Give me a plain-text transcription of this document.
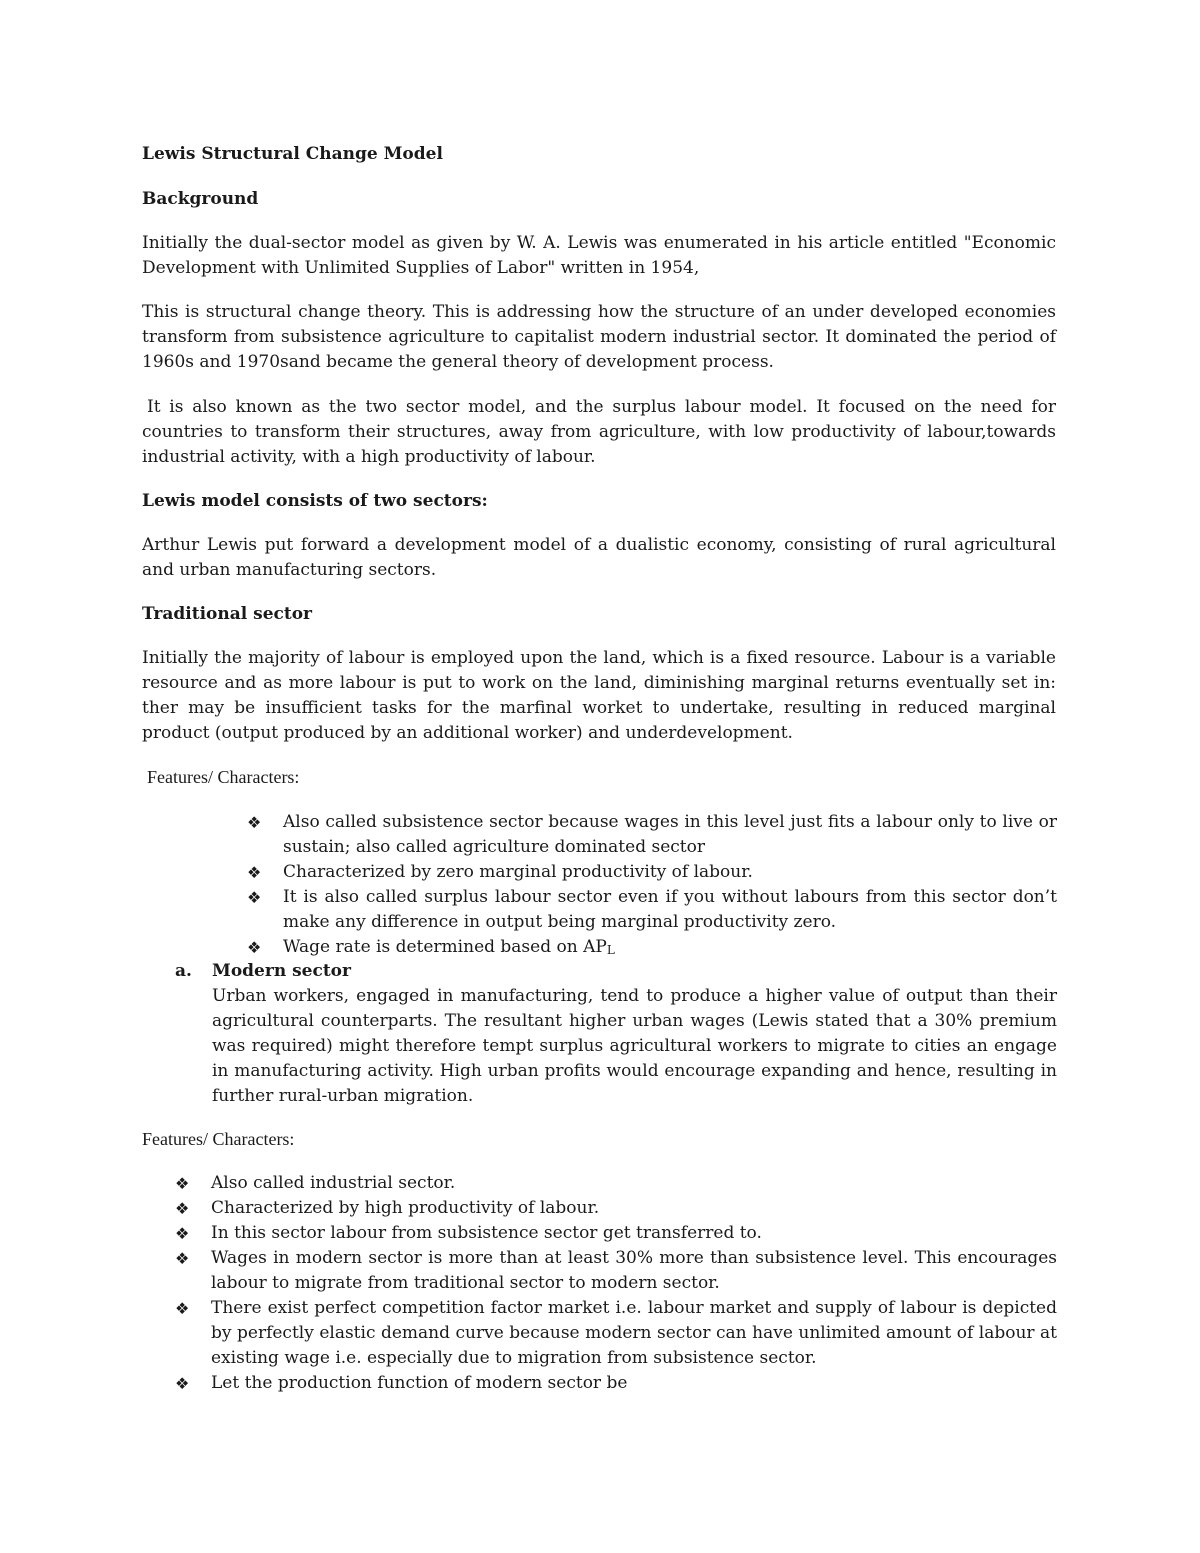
Lewis Structural Change Model

Background

Initially the dual-sector model as given by W. A. Lewis was enumerated in his article entitled "Economic Development with Unlimited Supplies of Labor" written in 1954,

This is structural change theory. This is addressing how the structure of an under developed economies transform from subsistence agriculture to capitalist modern industrial sector. It dominated the period of 1960s and 1970sand became the general theory of development process.

It is also known as the two sector model, and the surplus labour model. It focused on the need for countries to transform their structures, away from agriculture, with low productivity of labour,towards industrial activity, with a high productivity of labour.

Lewis model consists of two sectors:

Arthur Lewis put forward a development model of a dualistic economy, consisting of rural agricultural and urban manufacturing sectors.

Traditional sector

Initially the majority of labour is employed upon the land, which is a fixed resource. Labour is a variable resource and as more labour is put to work on the land, diminishing marginal returns eventually set in: ther may be insufficient tasks for the marfinal worket to undertake, resulting in reduced marginal product (output produced by an additional worker) and underdevelopment.

Features/ Characters:

❖ Also called subsistence sector because wages in this level just fits a labour only to live or sustain; also called agriculture dominated sector
❖ Characterized by zero marginal productivity of labour.
❖ It is also called surplus labour sector even if you without labours from this sector don’t make any difference in output being marginal productivity zero.
❖ Wage rate is determined based on APL
a. Modern sector
Urban workers, engaged in manufacturing, tend to produce a higher value of output than their agricultural counterparts. The resultant higher urban wages (Lewis stated that a 30% premium was required) might therefore tempt surplus agricultural workers to migrate to cities an engage in manufacturing activity. High urban profits would encourage expanding and hence, resulting in further rural-urban migration.

Features/ Characters:

❖ Also called industrial sector.
❖ Characterized by high productivity of labour.
❖ In this sector labour from subsistence sector get transferred to.
❖ Wages in modern sector is more than at least 30% more than subsistence level. This encourages labour to migrate from traditional sector to modern sector.
❖ There exist perfect competition factor market i.e. labour market and supply of labour is depicted by perfectly elastic demand curve because modern sector can have unlimited amount of labour at existing wage i.e. especially due to migration from subsistence sector.
❖ Let the production function of modern sector be
